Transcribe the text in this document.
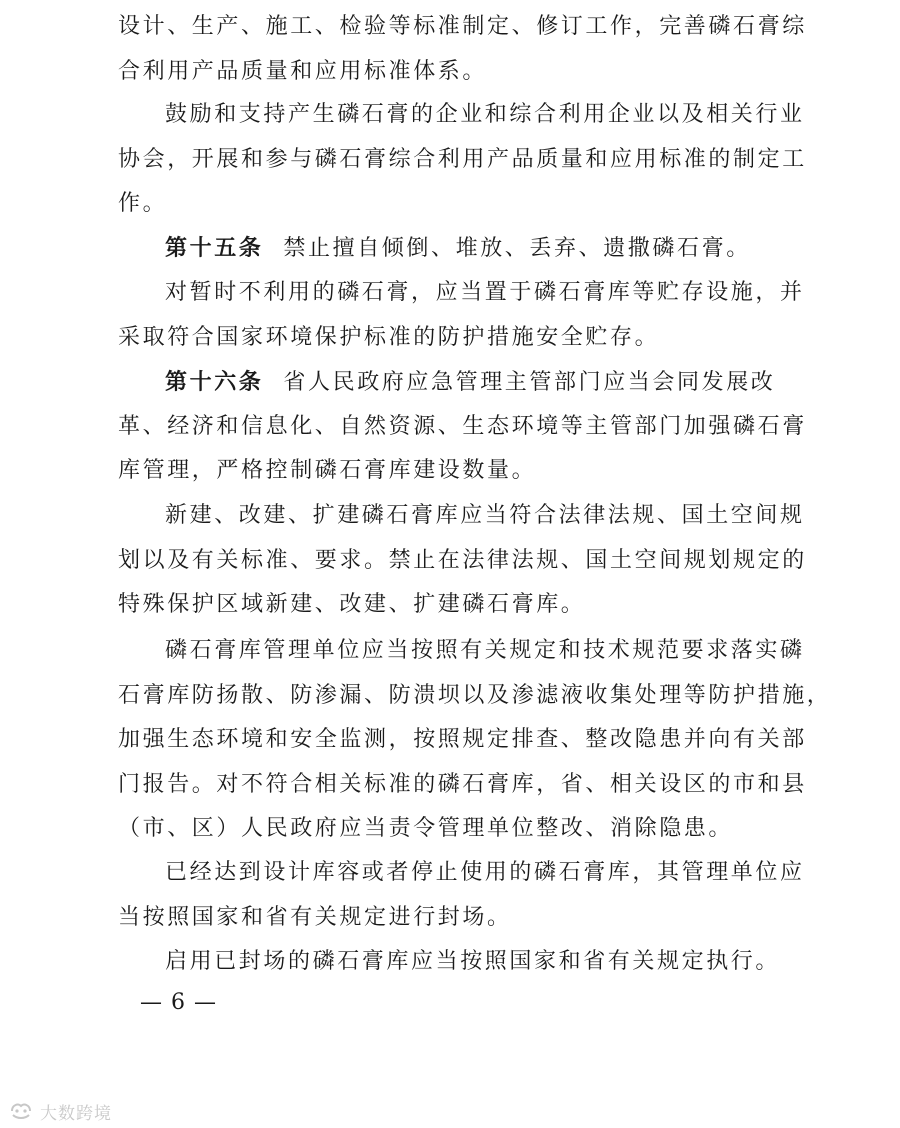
设计、生产、施工、检验等标准制定、修订工作，完善磷石膏综
合利用产品质量和应用标准体系。
鼓励和支持产生磷石膏的企业和综合利用企业以及相关行业
协会，开展和参与磷石膏综合利用产品质量和应用标准的制定工
作。
第十五条 禁止擅自倾倒、堆放、丢弃、遗撒磷石膏。
对暂时不利用的磷石膏，应当置于磷石膏库等贮存设施，并
采取符合国家环境保护标准的防护措施安全贮存。
第十六条 省人民政府应急管理主管部门应当会同发展改
革、经济和信息化、自然资源、生态环境等主管部门加强磷石膏
库管理，严格控制磷石膏库建设数量。
新建、改建、扩建磷石膏库应当符合法律法规、国土空间规
划以及有关标准、要求。禁止在法律法规、国土空间规划规定的
特殊保护区域新建、改建、扩建磷石膏库。
磷石膏库管理单位应当按照有关规定和技术规范要求落实磷
石膏库防扬散、防渗漏、防溃坝以及渗滤液收集处理等防护措施，
加强生态环境和安全监测，按照规定排查、整改隐患并向有关部
门报告。对不符合相关标准的磷石膏库，省、相关设区的市和县
（市、区）人民政府应当责令管理单位整改、消除隐患。
已经达到设计库容或者停止使用的磷石膏库，其管理单位应
当按照国家和省有关规定进行封场。
启用已封场的磷石膏库应当按照国家和省有关规定执行。
— 6 —
大数跨境
